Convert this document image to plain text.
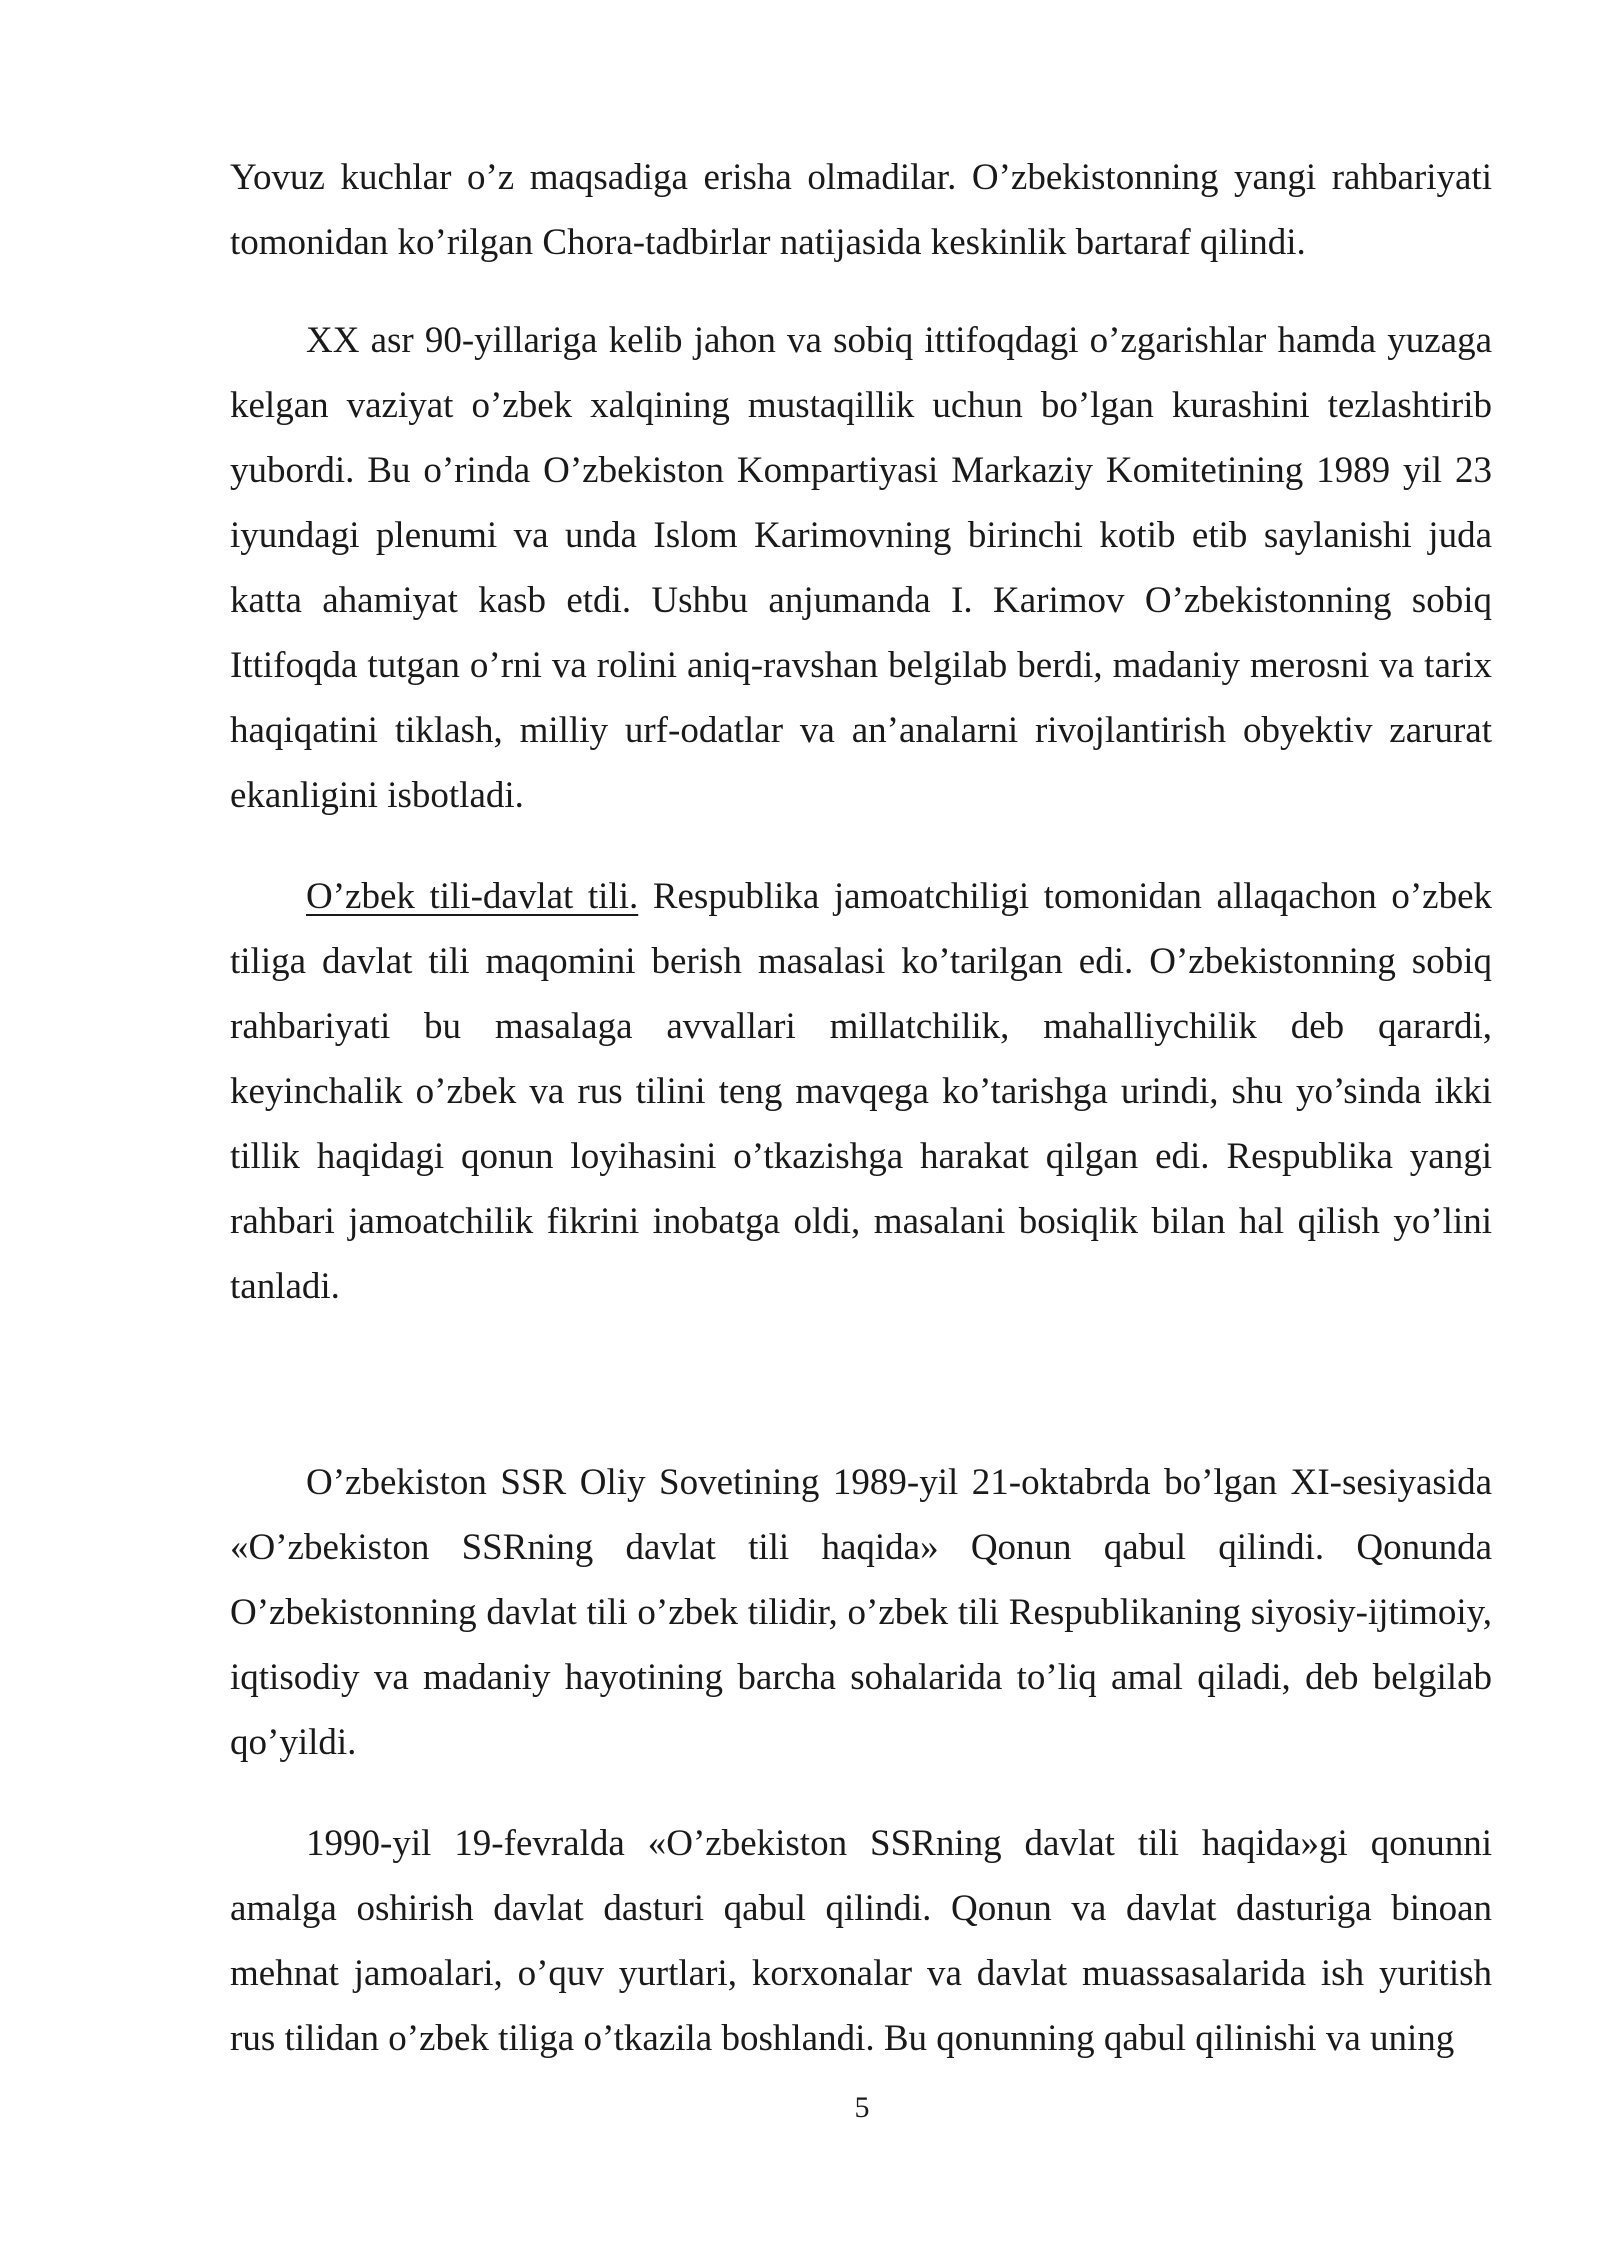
Yovuz kuchlar o’z maqsadiga erisha olmadilar. O’zbekistonning yangi rahbariyati tomonidan ko’rilgan Chora-tadbirlar natijasida keskinlik bartaraf qilindi.

XX asr 90-yillariga kelib jahon va sobiq ittifoqdagi o’zgarishlar hamda yuzaga kelgan vaziyat o’zbek xalqining mustaqillik uchun bo’lgan kurashini tezlashtirib yubordi. Bu o’rinda O’zbekiston Kompartiyasi Markaziy Komitetining 1989 yil 23 iyundagi plenumi va unda Islom Karimovning birinchi kotib etib saylanishi juda katta ahamiyat kasb etdi. Ushbu anjumanda I. Karimov O’zbekistonning sobiq Ittifoqda tutgan o’rni va rolini aniq-ravshan belgilab berdi, madaniy merosni va tarix haqiqatini tiklash, milliy urf-odatlar va an’analarni rivojlantirish obyektiv zarurat ekanligini isbotladi.

O’zbek tili-davlat tili. Respublika jamoatchiligi tomonidan allaqachon o’zbek tiliga davlat tili maqomini berish masalasi ko’tarilgan edi. O’zbekistonning sobiq rahbariyati bu masalaga avvallari millatchilik, mahalliychilik deb qarardi, keyinchalik o’zbek va rus tilini teng mavqega ko’tarishga urindi, shu yo’sinda ikki tillik haqidagi qonun loyihasini o’tkazishga harakat qilgan edi. Respublika yangi rahbari jamoatchilik fikrini inobatga oldi, masalani bosiqlik bilan hal qilish yo’lini tanladi.

O’zbekiston SSR Oliy Sovetining 1989-yil 21-oktabrda bo’lgan XI-sesiyasida «O’zbekiston SSRning davlat tili haqida» Qonun qabul qilindi. Qonunda O’zbekistonning davlat tili o’zbek tilidir, o’zbek tili Respublikaning siyosiy-ijtimoiy, iqtisodiy va madaniy hayotining barcha sohalarida to’liq amal qiladi, deb belgilab qo’yildi.

1990-yil 19-fevralda «O’zbekiston SSRning davlat tili haqida»gi qonunni amalga oshirish davlat dasturi qabul qilindi. Qonun va davlat dasturiga binoan mehnat jamoalari, o’quv yurtlari, korxonalar va davlat muassasalarida ish yuritish rus tilidan o’zbek tiliga o’tkazila boshlandi. Bu qonunning qabul qilinishi va uning

5
